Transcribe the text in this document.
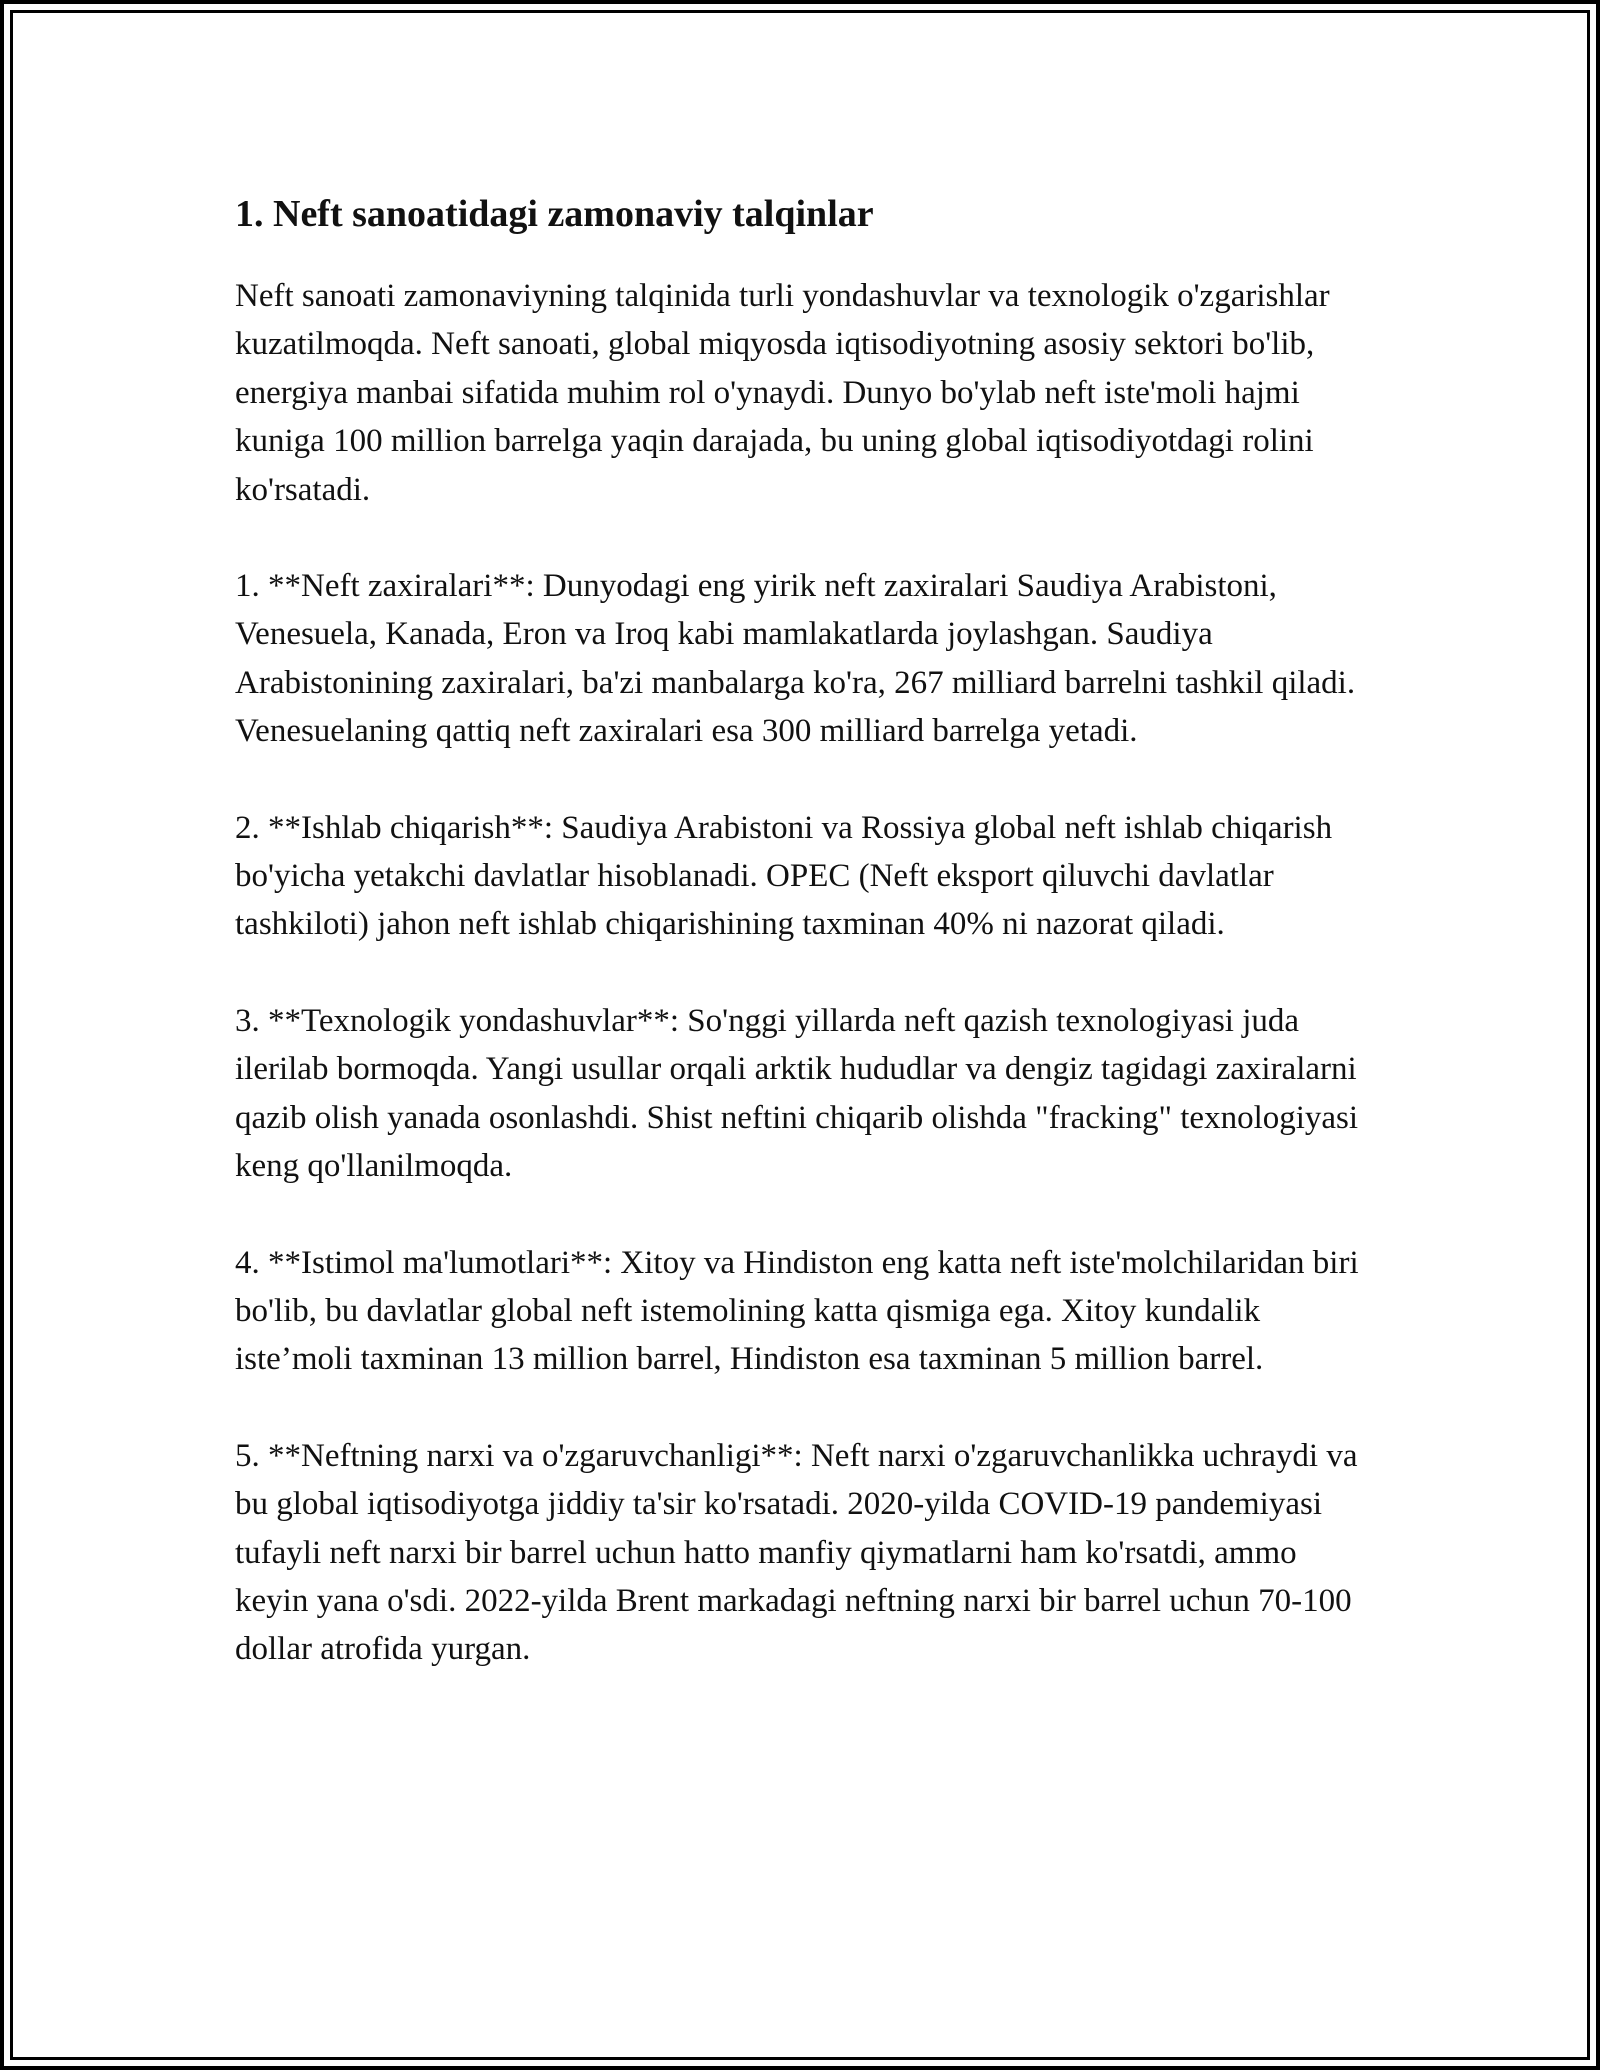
1. Neft sanoatidagi zamonaviy talqinlar

Neft sanoati zamonaviyning talqinida turli yondashuvlar va texnologik o'zgarishlar kuzatilmoqda. Neft sanoati, global miqyosda iqtisodiyotning asosiy sektori bo'lib, energiya manbai sifatida muhim rol o'ynaydi. Dunyo bo'ylab neft iste'moli hajmi kuniga 100 million barrelga yaqin darajada, bu uning global iqtisodiyotdagi rolini ko'rsatadi.

1. **Neft zaxiralari**: Dunyodagi eng yirik neft zaxiralari Saudiya Arabistoni, Venesuela, Kanada, Eron va Iroq kabi mamlakatlarda joylashgan. Saudiya Arabistonining zaxiralari, ba'zi manbalarga ko'ra, 267 milliard barrelni tashkil qiladi. Venesuelaning qattiq neft zaxiralari esa 300 milliard barrelga yetadi.

2. **Ishlab chiqarish**: Saudiya Arabistoni va Rossiya global neft ishlab chiqarish bo'yicha yetakchi davlatlar hisoblanadi. OPEC (Neft eksport qiluvchi davlatlar tashkiloti) jahon neft ishlab chiqarishining taxminan 40% ni nazorat qiladi.

3. **Texnologik yondashuvlar**: So'nggi yillarda neft qazish texnologiyasi juda ilerilab bormoqda. Yangi usullar orqali arktik hududlar va dengiz tagidagi zaxiralarni qazib olish yanada osonlashdi. Shist neftini chiqarib olishda "fracking" texnologiyasi keng qo'llanilmoqda.

4. **Istimol ma'lumotlari**: Xitoy va Hindiston eng katta neft iste'molchilaridan biri bo'lib, bu davlatlar global neft istemolining katta qismiga ega. Xitoy kundalik iste’moli taxminan 13 million barrel, Hindiston esa taxminan 5 million barrel.

5. **Neftning narxi va o'zgaruvchanligi**: Neft narxi o'zgaruvchanlikka uchraydi va bu global iqtisodiyotga jiddiy ta'sir ko'rsatadi. 2020-yilda COVID-19 pandemiyasi tufayli neft narxi bir barrel uchun hatto manfiy qiymatlarni ham ko'rsatdi, ammo keyin yana o'sdi. 2022-yilda Brent markadagi neftning narxi bir barrel uchun 70-100 dollar atrofida yurgan.
